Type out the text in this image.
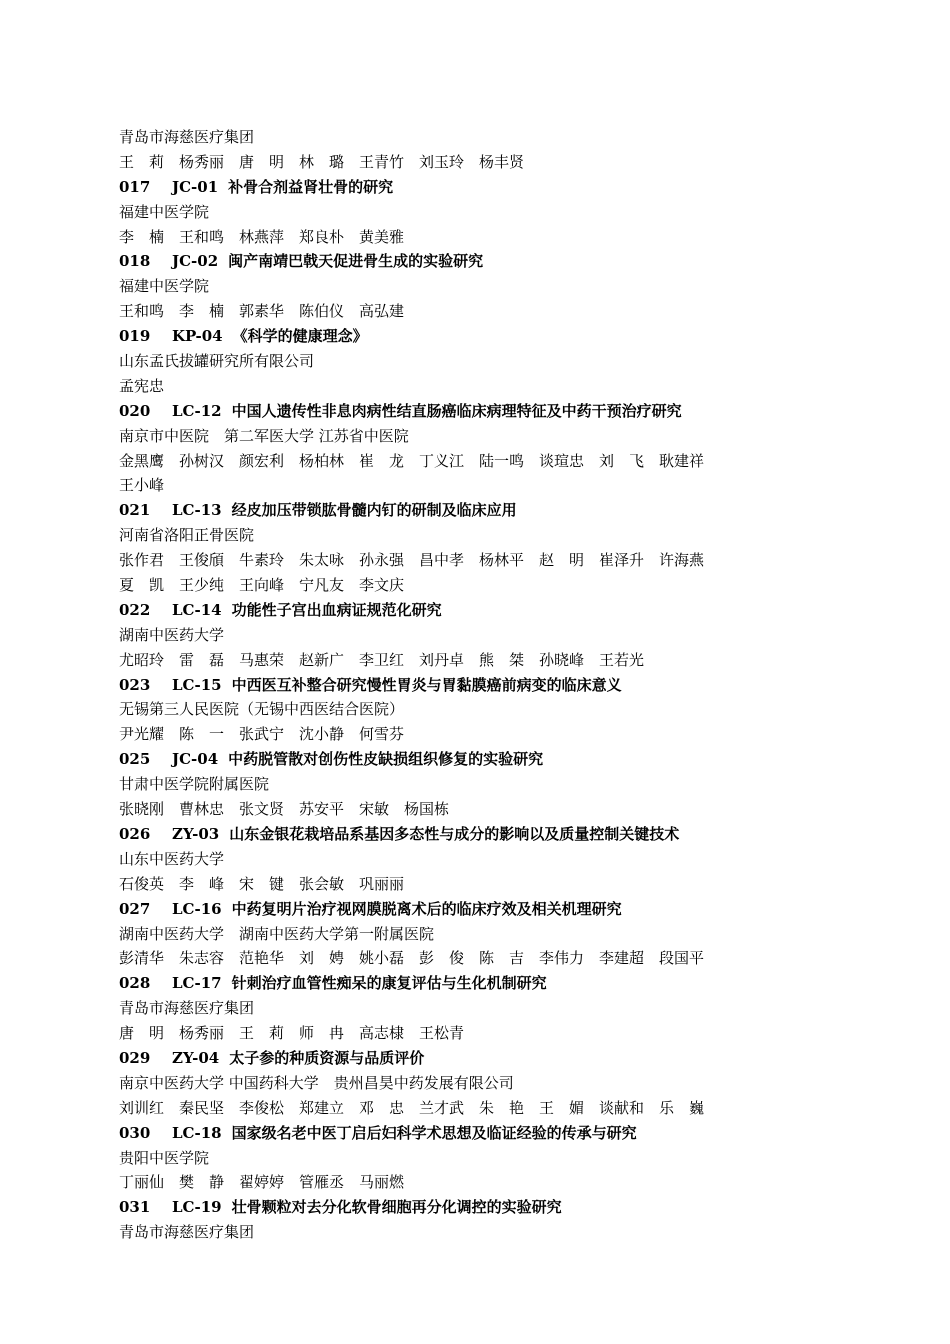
青岛市海慈医疗集团
王　莉　杨秀丽　唐　明　林　璐　王青竹　刘玉玲　杨丰贤
017 JC-01 补骨合剂益肾壮骨的研究
福建中医学院
李　楠　王和鸣　林燕萍　郑良朴　黄美雅
018 JC-02 闽产南靖巴戟天促进骨生成的实验研究
福建中医学院
王和鸣　李　楠　郭素华　陈伯仪　高弘建
019 KP-04 《科学的健康理念》
山东孟氏拔罐研究所有限公司
孟宪忠
020 LC-12 中国人遗传性非息肉病性结直肠癌临床病理特征及中药干预治疗研究
南京市中医院　第二军医大学 江苏省中医院
金黑鹰　孙树汉　颜宏利　杨柏林　崔　龙　丁义江　陆一鸣　谈瑄忠　刘　飞　耿建祥
王小峰
021 LC-13 经皮加压带锁肱骨髓内钉的研制及临床应用
河南省洛阳正骨医院
张作君　王俊頎　牛素玲　朱太咏　孙永强　昌中孝　杨林平　赵　明　崔泽升　许海燕
夏　凯　王少纯　王向峰　宁凡友　李文庆
022 LC-14 功能性子宫出血病证规范化研究
湖南中医药大学
尤昭玲　雷　磊　马惠荣　赵新广　李卫红　刘丹卓　熊　桀　孙晓峰　王若光
023 LC-15 中西医互补整合研究慢性胃炎与胃黏膜癌前病变的临床意义
无锡第三人民医院（无锡中西医结合医院）
尹光耀　陈　一　张武宁　沈小静　何雪芬
025 JC-04 中药脱管散对创伤性皮缺损组织修复的实验研究
甘肃中医学院附属医院
张晓刚　曹林忠　张文贤　苏安平　宋敏　杨国栋
026 ZY-03 山东金银花栽培品系基因多态性与成分的影响以及质量控制关键技术
山东中医药大学
石俊英　李　峰　宋　键　张会敏　巩丽丽
027 LC-16 中药复明片治疗视网膜脱离术后的临床疗效及相关机理研究
湖南中医药大学　湖南中医药大学第一附属医院
彭清华　朱志容　范艳华　刘　娉　姚小磊　彭　俊　陈　吉　李伟力　李建超　段国平
028 LC-17 针刺治疗血管性痴呆的康复评估与生化机制研究
青岛市海慈医疗集团
唐　明　杨秀丽　王　莉　师　冉　高志棣　王松青
029 ZY-04 太子参的种质资源与品质评价
南京中医药大学 中国药科大学　贵州昌昊中药发展有限公司
刘训红　秦民坚　李俊松　郑建立　邓　忠　兰才武　朱　艳　王　媚　谈献和　乐　巍
030 LC-18 国家级名老中医丁启后妇科学术思想及临证经验的传承与研究
贵阳中医学院
丁丽仙　樊　静　翟婷婷　管雁丞　马丽燃
031 LC-19 壮骨颗粒对去分化软骨细胞再分化调控的实验研究
青岛市海慈医疗集团
